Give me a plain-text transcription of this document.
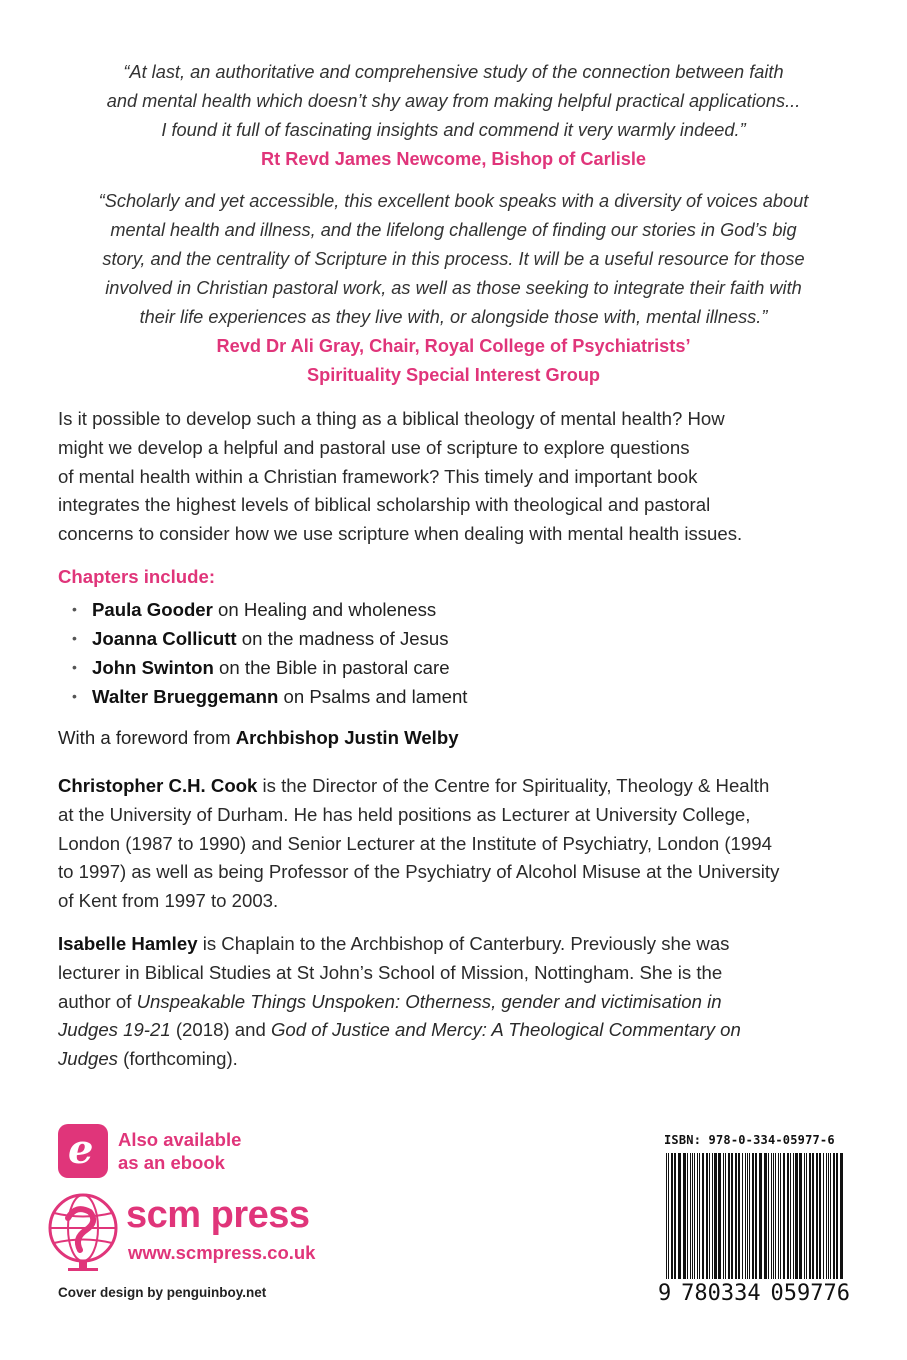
“At last, an authoritative and comprehensive study of the connection between faith
and mental health which doesn’t shy away from making helpful practical applications...
I found it full of fascinating insights and commend it very warmly indeed.”
Rt Revd James Newcome, Bishop of Carlisle
“Scholarly and yet accessible, this excellent book speaks with a diversity of voices about
mental health and illness, and the lifelong challenge of finding our stories in God’s big
story, and the centrality of Scripture in this process. It will be a useful resource for those
involved in Christian pastoral work, as well as those seeking to integrate their faith with
their life experiences as they live with, or alongside those with, mental illness.”
Revd Dr Ali Gray, Chair, Royal College of Psychiatrists’
Spirituality Special Interest Group
Is it possible to develop such a thing as a biblical theology of mental health? How
might we develop a helpful and pastoral use of scripture to explore questions
of mental health within a Christian framework? This timely and important book
integrates the highest levels of biblical scholarship with theological and pastoral
concerns to consider how we use scripture when dealing with mental health issues.
Chapters include:
• Paula Gooder on Healing and wholeness
• Joanna Collicutt on the madness of Jesus
• John Swinton on the Bible in pastoral care
• Walter Brueggemann on Psalms and lament
With a foreword from Archbishop Justin Welby
Christopher C.H. Cook is the Director of the Centre for Spirituality, Theology & Health
at the University of Durham. He has held positions as Lecturer at University College,
London (1987 to 1990) and Senior Lecturer at the Institute of Psychiatry, London (1994
to 1997) as well as being Professor of the Psychiatry of Alcohol Misuse at the University
of Kent from 1997 to 2003.
Isabelle Hamley is Chaplain to the Archbishop of Canterbury. Previously she was
lecturer in Biblical Studies at St John’s School of Mission, Nottingham. She is the
author of Unspeakable Things Unspoken: Otherness, gender and victimisation in
Judges 19-21 (2018) and God of Justice and Mercy: A Theological Commentary on
Judges (forthcoming).
e Also available
as an ebook
scm press
www.scmpress.co.uk
Cover design by penguinboy.net
ISBN: 978-0-334-05977-6
9 780334 059776
